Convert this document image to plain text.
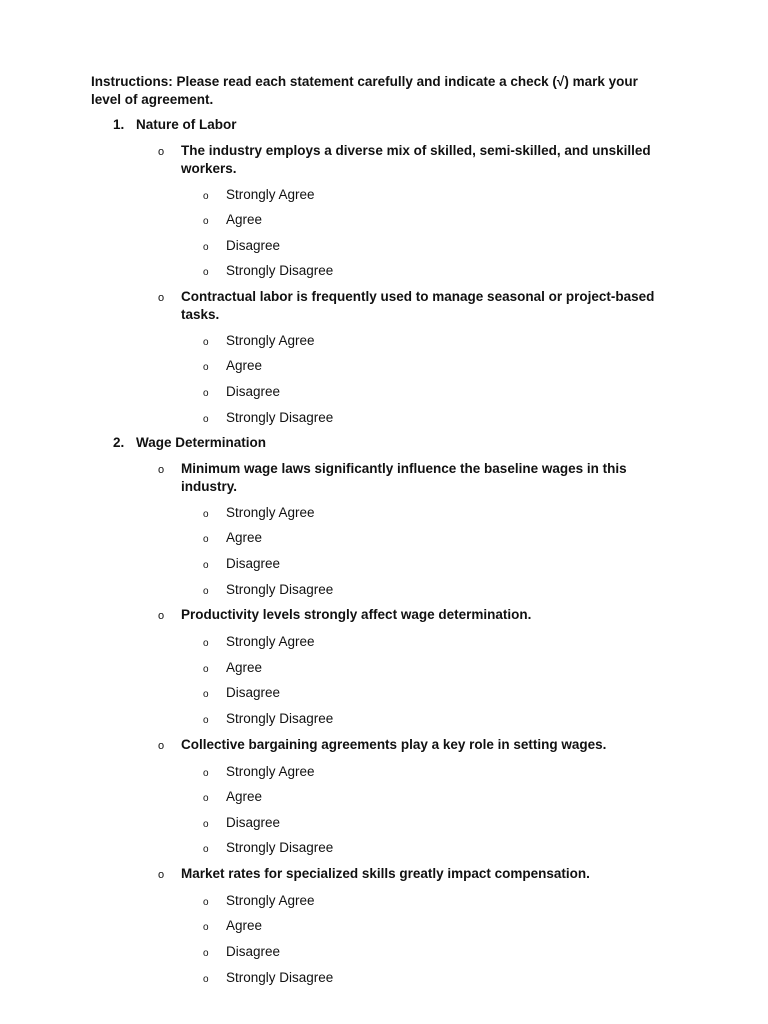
Instructions: Please read each statement carefully and indicate a check (√) mark your level of agreement.
1. Nature of Labor
o	The industry employs a diverse mix of skilled, semi-skilled, and unskilled workers.
o	Strongly Agree
o	Agree
o	Disagree
o	Strongly Disagree
o	Contractual labor is frequently used to manage seasonal or project-based tasks.
o	Strongly Agree
o	Agree
o	Disagree
o	Strongly Disagree
2. Wage Determination
o	Minimum wage laws significantly influence the baseline wages in this industry.
o	Strongly Agree
o	Agree
o	Disagree
o	Strongly Disagree
o	Productivity levels strongly affect wage determination.
o	Strongly Agree
o	Agree
o	Disagree
o	Strongly Disagree
o	Collective bargaining agreements play a key role in setting wages.
o	Strongly Agree
o	Agree
o	Disagree
o	Strongly Disagree
o	Market rates for specialized skills greatly impact compensation.
o	Strongly Agree
o	Agree
o	Disagree
o	Strongly Disagree
